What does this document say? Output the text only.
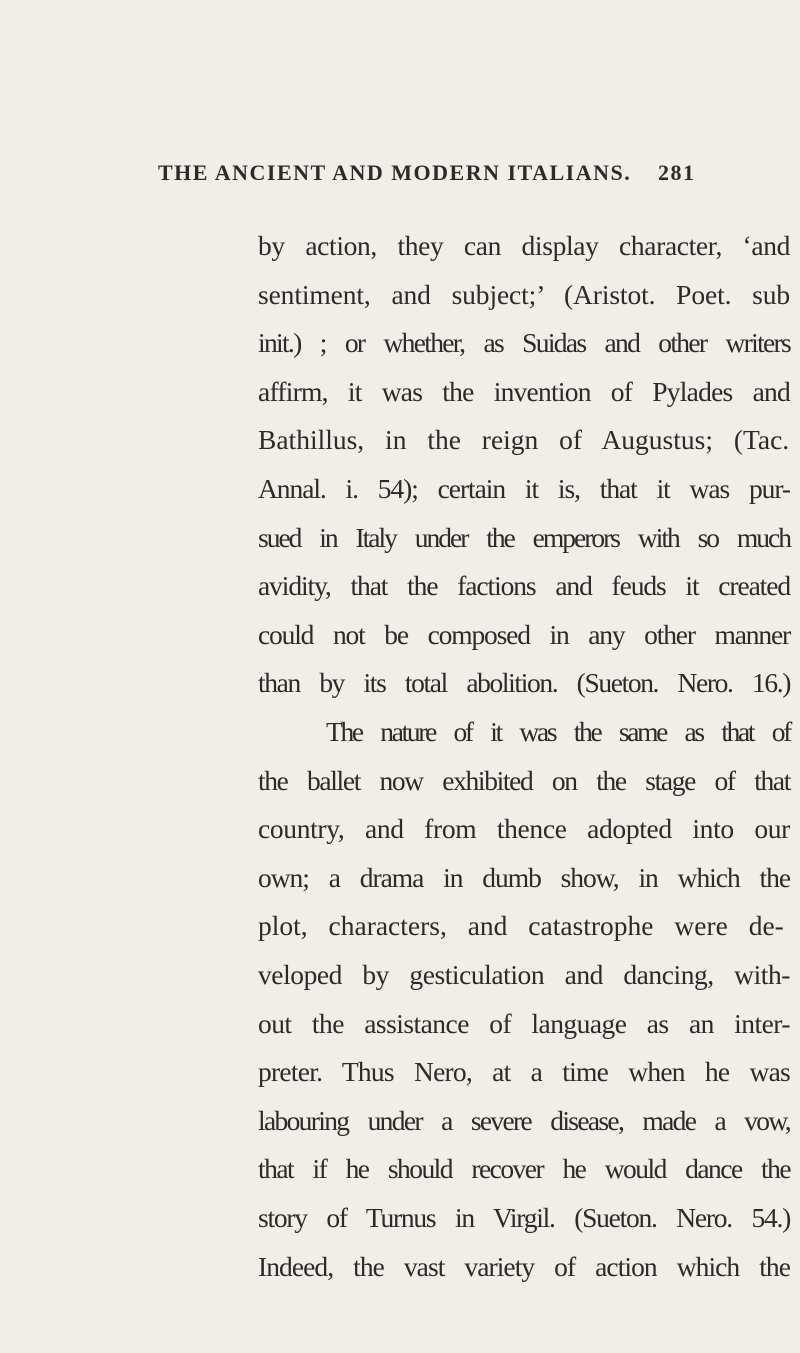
THE ANCIENT AND MODERN ITALIANS. 281
by action, they can display character, ‘and
sentiment, and subject;’ (Aristot. Poet. sub
init.) ; or whether, as Suidas and other writers
affirm, it was the invention of Pylades and
Bathillus, in the reign of Augustus; (Tac.
Annal. i. 54); certain it is, that it was pur-
sued in Italy under the emperors with so much
avidity, that the factions and feuds it created
could not be composed in any other manner
than by its total abolition. (Sueton. Nero. 16.)
The nature of it was the same as that of
the ballet now exhibited on the stage of that
country, and from thence adopted into our
own; a drama in dumb show, in which the
plot, characters, and catastrophe were de-
veloped by gesticulation and dancing, with-
out the assistance of language as an inter-
preter. Thus Nero, at a time when he was
labouring under a severe disease, made a vow,
that if he should recover he would dance the
story of Turnus in Virgil. (Sueton. Nero. 54.)
Indeed, the vast variety of action which the
